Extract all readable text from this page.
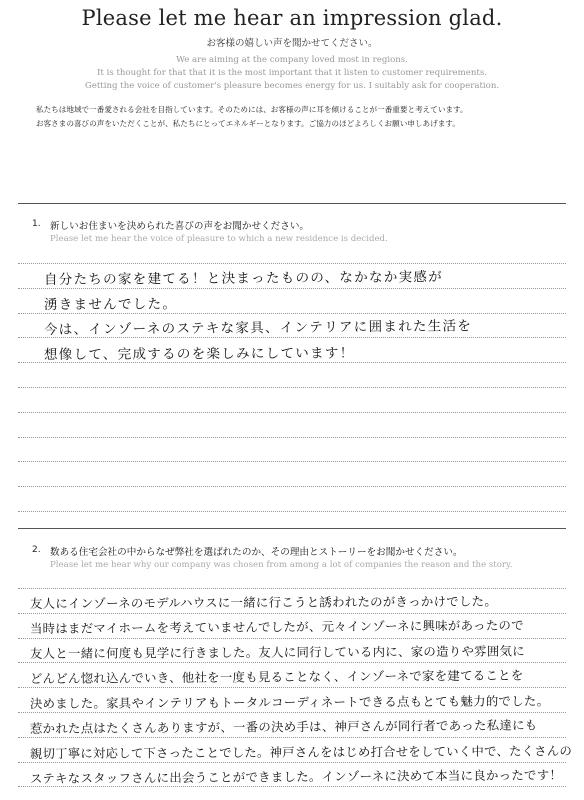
Please let me hear an impression glad.
お客様の嬉しい声を聞かせてください。
We are aiming at the company loved most in regions.
It is thought for that that it is the most important that it listen to customer requirements.
Getting the voice of customer's pleasure becomes energy for us. I suitably ask for cooperation.
私たちは地域で一番愛される会社を目指しています。そのためには、お客様の声に耳を傾けることが一番重要と考えています。
お客さまの喜びの声をいただくことが、私たちにとってエネルギーとなります。ご協力のほどよろしくお願い申しあげます。
1. 新しいお住まいを決められた喜びの声をお聞かせください。
Please let me hear the voice of pleasure to which a new residence is decided.
自分たちの家を建てる！と決まったものの、なかなか実感が
湧きませんでした。
今は、インゾーネのステキな家具、インテリアに囲まれた生活を
想像して、完成するのを楽しみにしています！
2. 数ある住宅会社の中からなぜ弊社を選ばれたのか、その理由とストーリーをお聞かせください。
Please let me hear why our company was chosen from among a lot of companies the reason and the story.
友人にインゾーネのモデルハウスに一緒に行こうと誘われたのがきっかけでした。
当時はまだマイホームを考えていませんでしたが、元々インゾーネに興味があったので
友人と一緒に何度も見学に行きました。友人に同行している内に、家の造りや雰囲気に
どんどん惚れ込んでいき、他社を一度も見ることなく、インゾーネで家を建てることを
決めました。家具やインテリアもトータルコーディネートできる点もとても魅力的でした。
惹かれた点はたくさんありますが、一番の決め手は、神戸さんが同行者であった私達にも
親切丁寧に対応して下さったことでした。神戸さんをはじめ打合せをしていく中で、たくさんの
ステキなスタッフさんに出会うことができました。インゾーネに決めて本当に良かったです！
